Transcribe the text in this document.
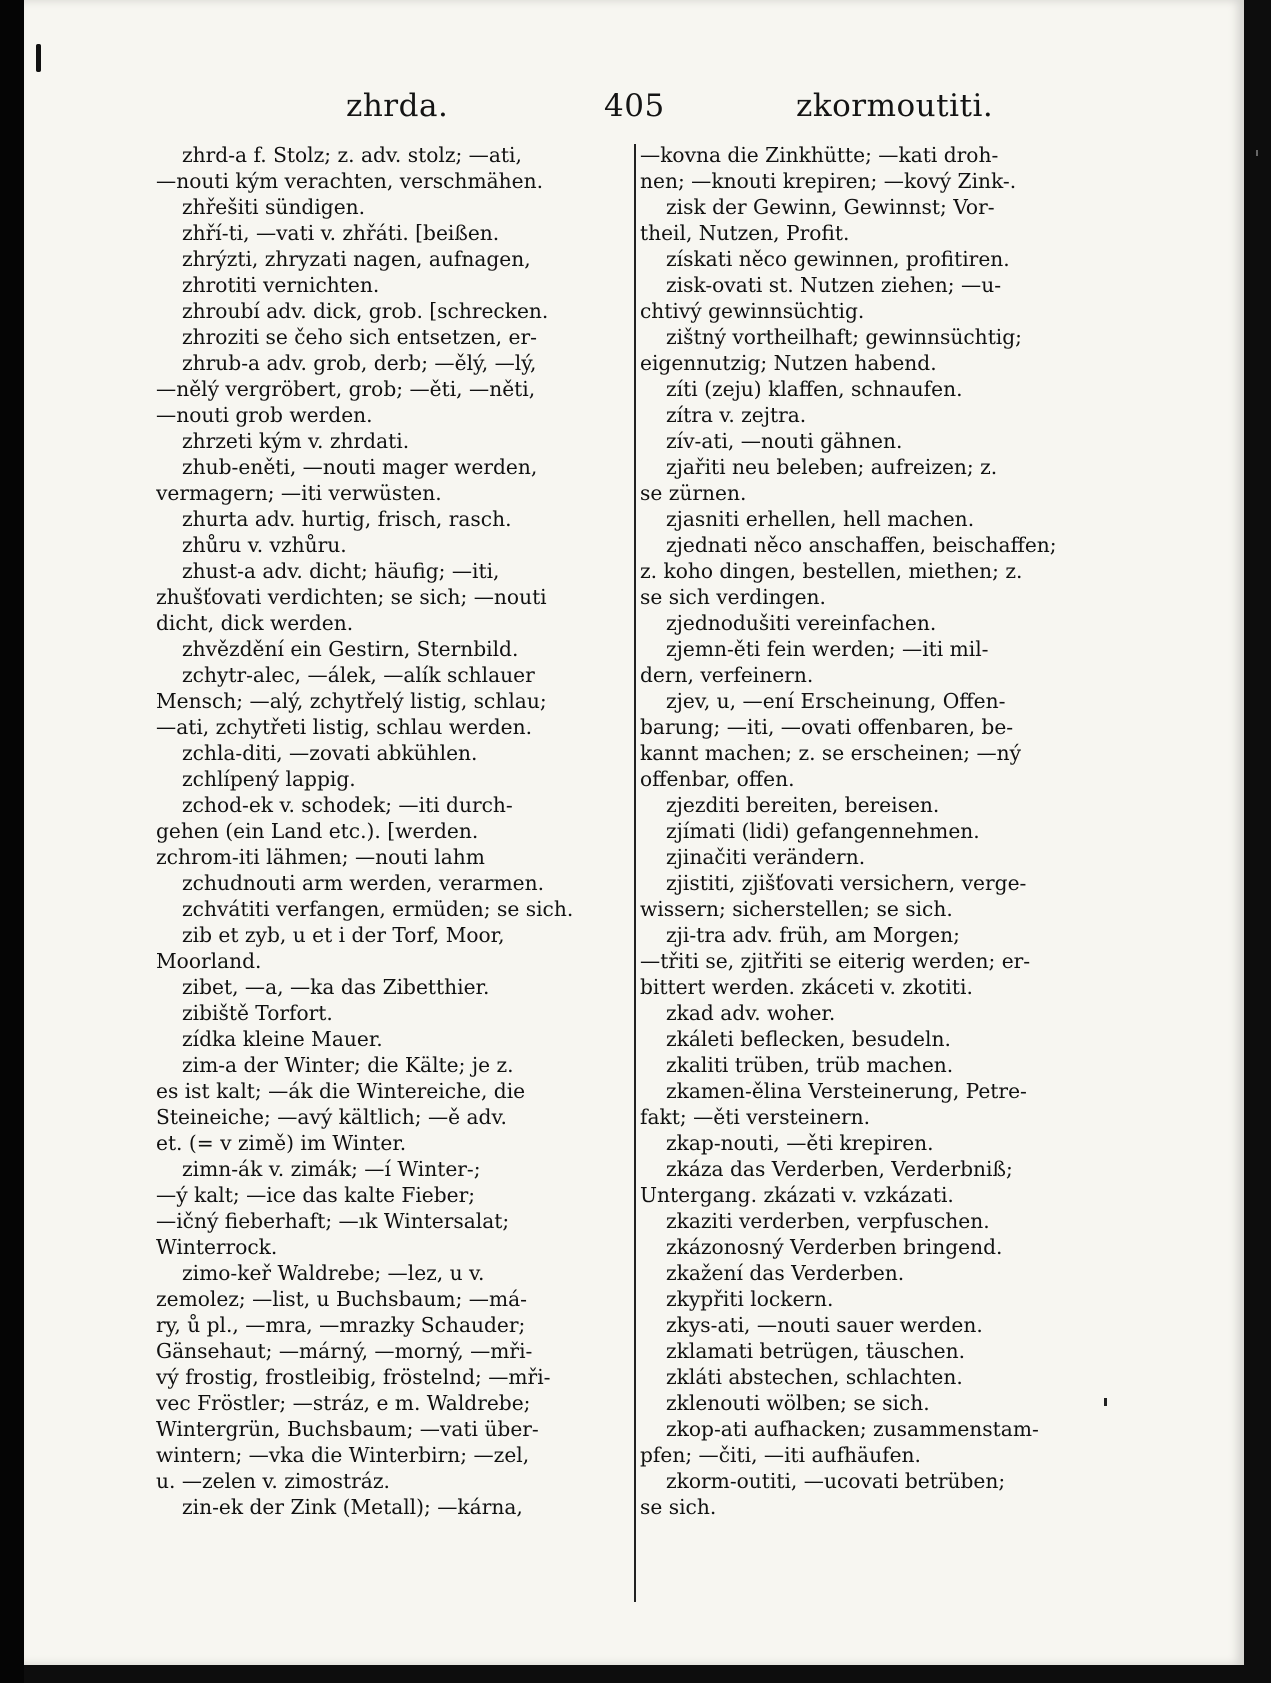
zhrda.	405	zkormoutiti.
zhrd-a f. Stolz; z. adv. stolz; —ati,
—nouti kým verachten, verschmähen.
zhřešiti sündigen.
zhří-ti, —vati v. zhřáti. [beißen.
zhrýzti, zhryzati nagen, aufnagen,
zhrotiti vernichten.
zhroubí adv. dick, grob. [schrecken.
zhroziti se čeho sich entsetzen, er-
zhrub-a adv. grob, derb; —ělý, —lý,
—nělý vergröbert, grob; —ěti, —něti,
—nouti grob werden.
zhrzeti kým v. zhrdati.
zhub-eněti, —nouti mager werden,
vermagern; —iti verwüsten.
zhurta adv. hurtig, frisch, rasch.
zhůru v. vzhůru.
zhust-a adv. dicht; häufig; —iti,
zhušťovati verdichten; se sich; —nouti
dicht, dick werden.
zhvězdění ein Gestirn, Sternbild.
zchytr-alec, —álek, —alík schlauer
Mensch; —alý, zchytřelý listig, schlau;
—ati, zchytřeti listig, schlau werden.
zchla-diti, —zovati abkühlen.
zchlípený lappig.
zchod-ek v. schodek; —iti durch-
gehen (ein Land etc.). [werden.
zchrom-iti lähmen; —nouti lahm
zchudnouti arm werden, verarmen.
zchvátiti verfangen, ermüden; se sich.
zib et zyb, u et i der Torf, Moor,
Moorland.
zibet, —a, —ka das Zibetthier.
zibiště Torfort.
zídka kleine Mauer.
zim-a der Winter; die Kälte; je z.
es ist kalt; —ák die Wintereiche, die
Steineiche; —avý kältlich; —ě adv.
et. (= v zimě) im Winter.
zimn-ák v. zimák; —í Winter-;
—ý kalt; —ice das kalte Fieber;
—ičný fieberhaft; —ık Wintersalat;
Winterrock.
zimo-keř Waldrebe; —lez, u v.
zemolez; —list, u Buchsbaum; —má-
ry, ů pl., —mra, —mrazky Schauder;
Gänsehaut; —márný, —morný, —mři-
vý frostig, frostleibig, fröstelnd; —mři-
vec Fröstler; —stráz, e m. Waldrebe;
Wintergrün, Buchsbaum; —vati über-
wintern; —vka die Winterbirn; —zel,
u. —zelen v. zimostráz.
zin-ek der Zink (Metall); —kárna,
—kovna die Zinkhütte; —kati droh-
nen; —knouti krepiren; —kový Zink-.
zisk der Gewinn, Gewinnst; Vor-
theil, Nutzen, Profit.
získati něco gewinnen, profitiren.
zisk-ovati st. Nutzen ziehen; —u-
chtivý gewinnsüchtig.
zištný vortheilhaft; gewinnsüchtig;
eigennutzig; Nutzen habend.
zíti (zeju) klaffen, schnaufen.
zítra v. zejtra.
zív-ati, —nouti gähnen.
zjařiti neu beleben; aufreizen; z.
se zürnen.
zjasniti erhellen, hell machen.
zjednati něco anschaffen, beischaffen;
z. koho dingen, bestellen, miethen; z.
se sich verdingen.
zjednodušiti vereinfachen.
zjemn-ěti fein werden; —iti mil-
dern, verfeinern.
zjev, u, —ení Erscheinung, Offen-
barung; —iti, —ovati offenbaren, be-
kannt machen; z. se erscheinen; —ný
offenbar, offen.
zjezditi bereiten, bereisen.
zjímati (lidi) gefangennehmen.
zjinačiti verändern.
zjistiti, zjišťovati versichern, verge-
wissern; sicherstellen; se sich.
zji-tra adv. früh, am Morgen;
—třiti se, zjitřiti se eiterig werden; er-
bittert werden. zkáceti v. zkotiti.
zkad adv. woher.
zkáleti beflecken, besudeln.
zkaliti trüben, trüb machen.
zkamen-ělina Versteinerung, Petre-
fakt; —ěti versteinern.
zkap-nouti, —ěti krepiren.
zkáza das Verderben, Verderbniß;
Untergang. zkázati v. vzkázati.
zkaziti verderben, verpfuschen.
zkázonosný Verderben bringend.
zkažení das Verderben.
zkypřiti lockern.
zkys-ati, —nouti sauer werden.
zklamati betrügen, täuschen.
zkláti abstechen, schlachten.
zklenouti wölben; se sich.
zkop-ati aufhacken; zusammenstam-
pfen; —čiti, —iti aufhäufen.
zkorm-outiti, —ucovati betrüben;
se sich.
